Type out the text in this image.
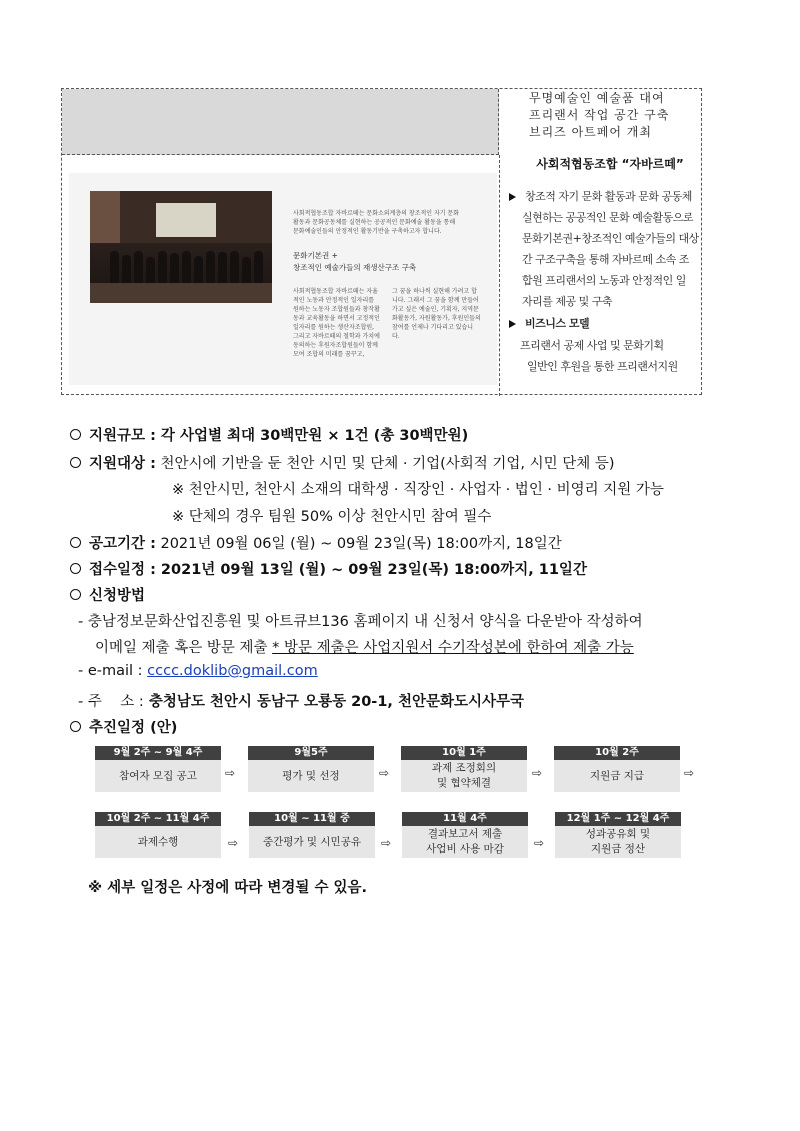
무명예술인 예술품 대여
프리랜서 작업 공간 구축
브리즈 아트페어 개최
사회적협동조합 자바르떼는 문화소외계층의 창조적인 자기 문화
활동과 문화공동체를 실현하는 공공적인 문화예술 활동을 통해
문화예술인들의 안정적인 활동기반을 구축하고자 합니다.
문화기본권 +
창조적인 예술가들의 재생산구조 구축
사회적협동조합 자바르떼는 자율
적인 노동과 안정적인 일자리를
원하는 노동자 조합원들과 창작활
동과 교육활동을 하면서 고정적인
일자리를 원하는 생산자조합원,
그리고 자바르떼의 철학과 가치에
동의하는 후원자조합원들이 함께
모여 조합의 미래를 꿈꾸고,
그 꿈을 하나씩 실현해 가려고 합
니다. 그래서 그 꿈을 함께 만들어
가고 싶은 예술인, 기획자, 지역문
화활동가, 자원활동가, 후원인들의
참여를 언제나 기다리고 있습니
다.
사회적협동조합 “자바르떼”
창조적 자기 문화 활동과 문화 공동체
실현하는 공공적인 문화 예술활동으로
문화기본권+창조적인 예술가들의 대상
간 구조구축을 통해 자바르떼 소속 조
합원 프리랜서의 노동과 안정적인 일
자리를 제공 및 구축
비즈니스 모델
프리랜서 공제 사업 및 문화기획
일반인 후원을 통한 프리랜서지원
지원규모 : 각 사업별 최대 30백만원 × 1건 (총 30백만원)
지원대상 : 천안시에 기반을 둔 천안 시민 및 단체 · 기업(사회적 기업, 시민 단체 등)
※ 천안시민, 천안시 소재의 대학생 · 직장인 · 사업자 · 법인 · 비영리 지원 가능
※ 단체의 경우 팀원 50% 이상 천안시민 참여 필수
공고기간 : 2021년 09월 06일 (월) ~ 09월 23일(목) 18:00까지, 18일간
접수일정 : 2021년 09월 13일 (월) ~ 09월 23일(목) 18:00까지, 11일간
신청방법
- 충남정보문화산업진흥원 및 아트큐브136 홈페이지 내 신청서 양식을 다운받아 작성하여
이메일 제출 혹은 방문 제출 * 방문 제출은 사업지원서 수기작성본에 한하여 제출 가능
- e-mail : cccc.doklib@gmail.com
- 주    소 : 충청남도 천안시 동남구 오룡동 20-1, 천안문화도시사무국
추진일정 (안)
9월 2주 ~ 9월 4주
참여자 모집 공고 ⇨
9월5주
평가 및 선정	⇨
10월 1주
과제 조정회의
및 협약체결
⇨
10월 2주
지원금 지급	⇨
10월 2주 ~ 11월 4주
과제수행	⇨
10월 ~ 11월 중
중간평가 및 시민공유 ⇨
11월 4주
결과보고서 제출
사업비 사용 마감	⇨
12월 1주 ~ 12월 4주
성과공유회 및
지원금 정산
※ 세부 일정은 사정에 따라 변경될 수 있음.
